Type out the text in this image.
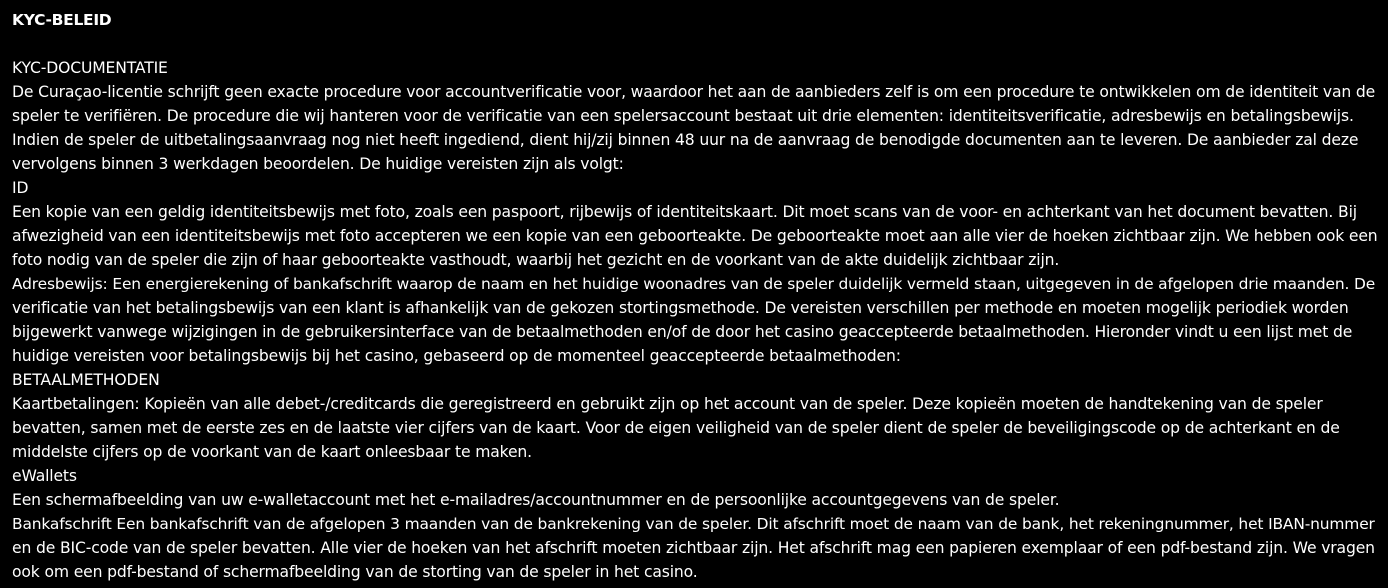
KYC-BELEID
KYC-DOCUMENTATIE
De Curaçao-licentie schrijft geen exacte procedure voor accountverificatie voor, waardoor het aan de aanbieders zelf is om een procedure te ontwikkelen om de identiteit van de
speler te verifiëren. De procedure die wij hanteren voor de verificatie van een spelersaccount bestaat uit drie elementen: identiteitsverificatie, adresbewijs en betalingsbewijs.
Indien de speler de uitbetalingsaanvraag nog niet heeft ingediend, dient hij/zij binnen 48 uur na de aanvraag de benodigde documenten aan te leveren. De aanbieder zal deze
vervolgens binnen 3 werkdagen beoordelen. De huidige vereisten zijn als volgt:
ID
Een kopie van een geldig identiteitsbewijs met foto, zoals een paspoort, rijbewijs of identiteitskaart. Dit moet scans van de voor- en achterkant van het document bevatten. Bij
afwezigheid van een identiteitsbewijs met foto accepteren we een kopie van een geboorteakte. De geboorteakte moet aan alle vier de hoeken zichtbaar zijn. We hebben ook een
foto nodig van de speler die zijn of haar geboorteakte vasthoudt, waarbij het gezicht en de voorkant van de akte duidelijk zichtbaar zijn.
Adresbewijs: Een energierekening of bankafschrift waarop de naam en het huidige woonadres van de speler duidelijk vermeld staan, uitgegeven in de afgelopen drie maanden. De
verificatie van het betalingsbewijs van een klant is afhankelijk van de gekozen stortingsmethode. De vereisten verschillen per methode en moeten mogelijk periodiek worden
bijgewerkt vanwege wijzigingen in de gebruikersinterface van de betaalmethoden en/of de door het casino geaccepteerde betaalmethoden. Hieronder vindt u een lijst met de
huidige vereisten voor betalingsbewijs bij het casino, gebaseerd op de momenteel geaccepteerde betaalmethoden:
BETAALMETHODEN
Kaartbetalingen: Kopieën van alle debet-/creditcards die geregistreerd en gebruikt zijn op het account van de speler. Deze kopieën moeten de handtekening van de speler
bevatten, samen met de eerste zes en de laatste vier cijfers van de kaart. Voor de eigen veiligheid van de speler dient de speler de beveiligingscode op de achterkant en de
middelste cijfers op de voorkant van de kaart onleesbaar te maken.
eWallets
Een schermafbeelding van uw e-walletaccount met het e-mailadres/accountnummer en de persoonlijke accountgegevens van de speler.
Bankafschrift Een bankafschrift van de afgelopen 3 maanden van de bankrekening van de speler. Dit afschrift moet de naam van de bank, het rekeningnummer, het IBAN-nummer
en de BIC-code van de speler bevatten. Alle vier de hoeken van het afschrift moeten zichtbaar zijn. Het afschrift mag een papieren exemplaar of een pdf-bestand zijn. We vragen
ook om een pdf-bestand of schermafbeelding van de storting van de speler in het casino.
